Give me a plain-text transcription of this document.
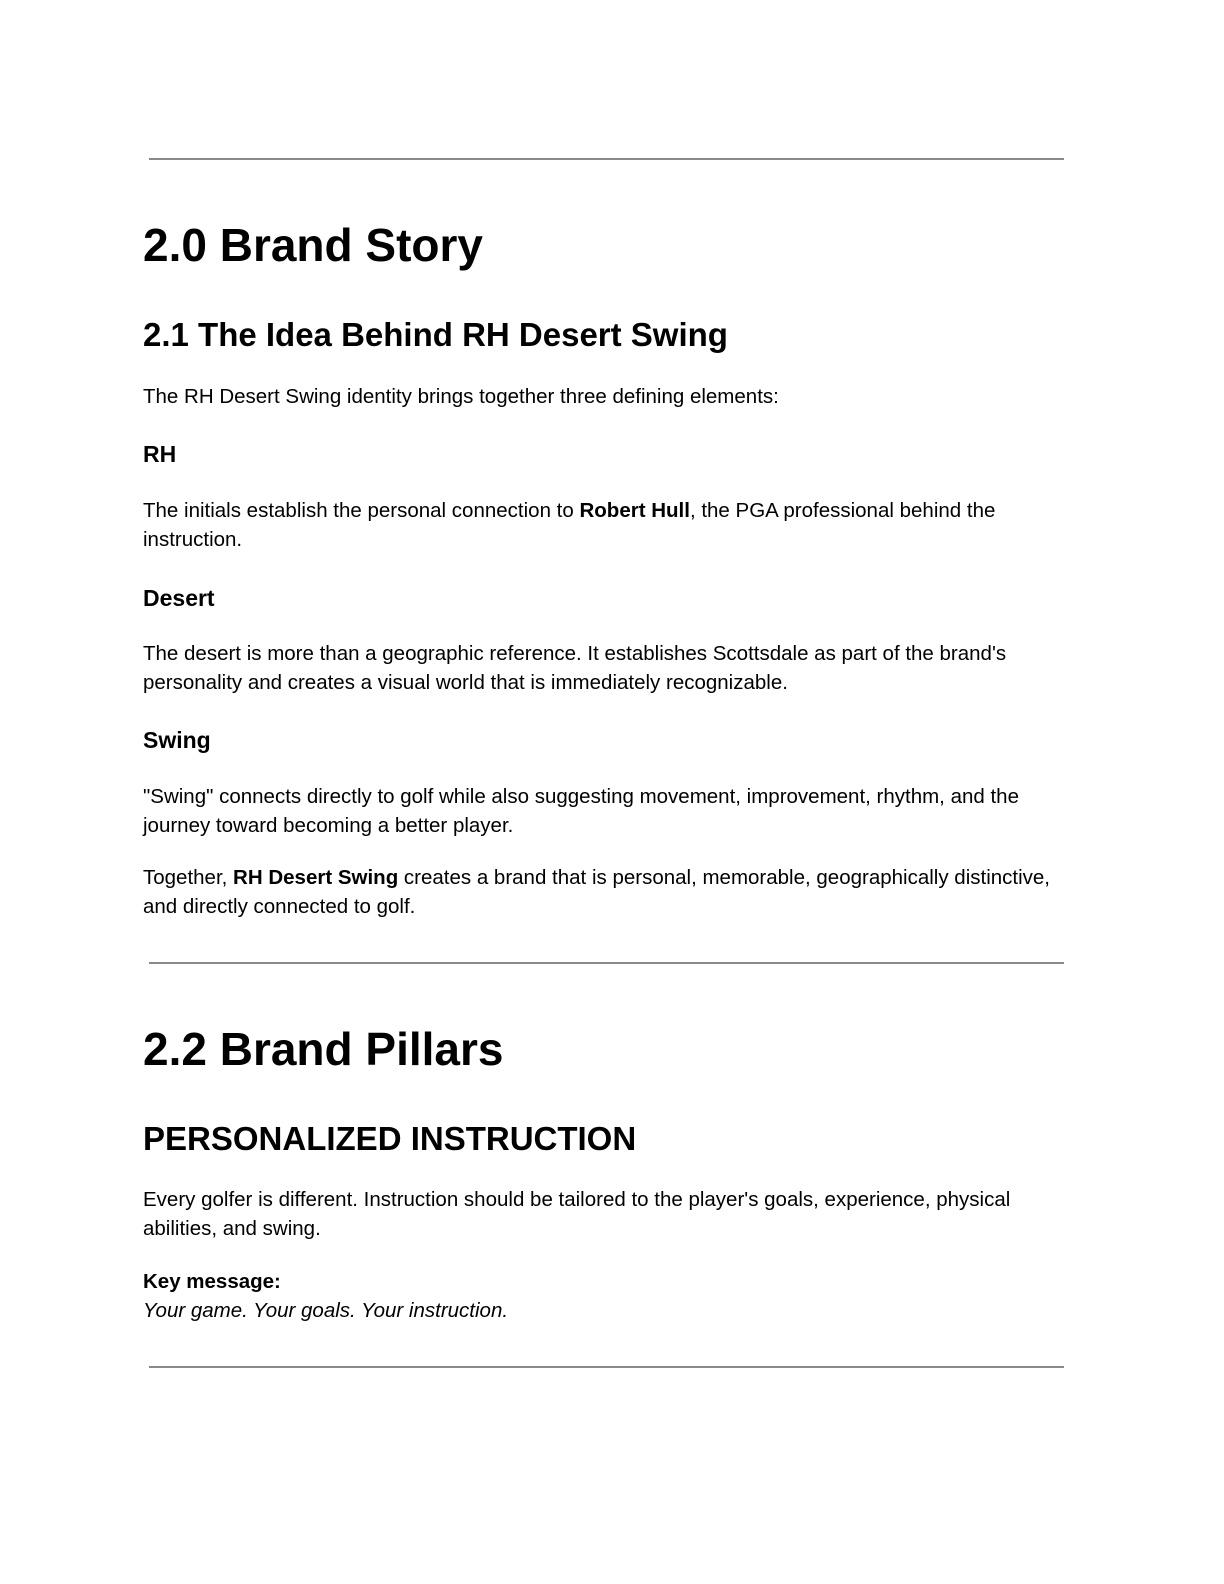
2.0 Brand Story
2.1 The Idea Behind RH Desert Swing

The RH Desert Swing identity brings together three defining elements:

RH

The initials establish the personal connection to Robert Hull, the PGA professional behind the instruction.

Desert

The desert is more than a geographic reference. It establishes Scottsdale as part of the brand's personality and creates a visual world that is immediately recognizable.

Swing

"Swing" connects directly to golf while also suggesting movement, improvement, rhythm, and the journey toward becoming a better player.

Together, RH Desert Swing creates a brand that is personal, memorable, geographically distinctive, and directly connected to golf.

2.2 Brand Pillars
PERSONALIZED INSTRUCTION

Every golfer is different. Instruction should be tailored to the player's goals, experience, physical abilities, and swing.

Key message:
Your game. Your goals. Your instruction.
